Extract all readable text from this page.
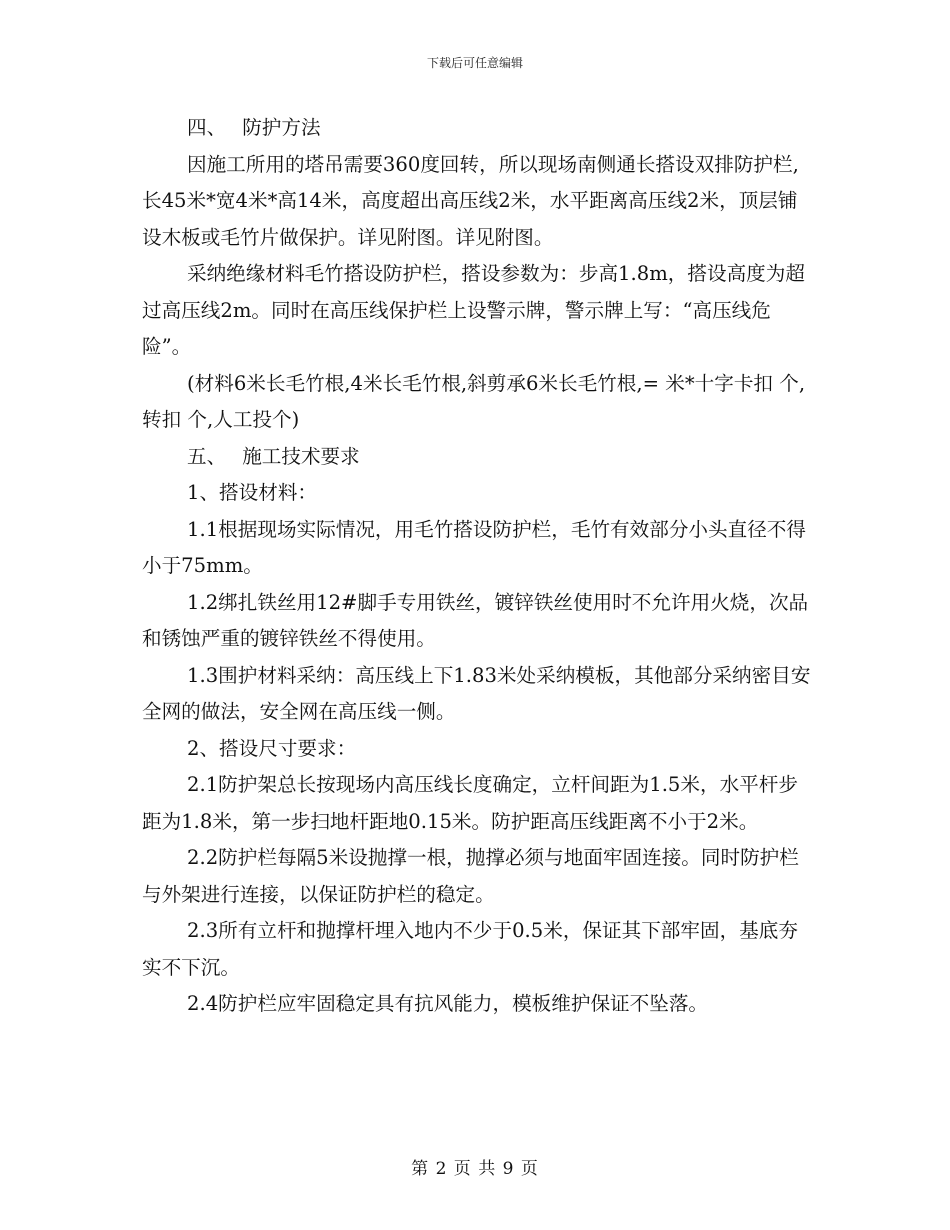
下载后可任意编辑

四、 防护方法

因施工所用的塔吊需要360度回转，所以现场南侧通长搭设双排防护栏,长45米*宽4米*高14米，高度超出高压线2米，水平距离高压线2米，顶层铺设木板或毛竹片做保护。详见附图。详见附图。

采纳绝缘材料毛竹搭设防护栏，搭设参数为：步高1.8m，搭设高度为超过高压线2m。同时在高压线保护栏上设警示牌，警示牌上写：“高压线危险”。

(材料6米长毛竹根,4米长毛竹根,斜剪承6米长毛竹根,= 米*十字卡扣 个,转扣 个,人工投个)

五、 施工技术要求

1、搭设材料：

1.1根据现场实际情况，用毛竹搭设防护栏，毛竹有效部分小头直径不得小于75mm。

1.2绑扎铁丝用12#脚手专用铁丝，镀锌铁丝使用时不允许用火烧，次品和锈蚀严重的镀锌铁丝不得使用。

1.3围护材料采纳：高压线上下1.83米处采纳模板，其他部分采纳密目安全网的做法，安全网在高压线一侧。

2、搭设尺寸要求：

2.1防护架总长按现场内高压线长度确定，立杆间距为1.5米，水平杆步距为1.8米，第一步扫地杆距地0.15米。防护距高压线距离不小于2米。

2.2防护栏每隔5米设抛撑一根，抛撑必须与地面牢固连接。同时防护栏与外架进行连接，以保证防护栏的稳定。

2.3所有立杆和抛撑杆埋入地内不少于0.5米，保证其下部牢固，基底夯实不下沉。

2.4防护栏应牢固稳定具有抗风能力，模板维护保证不坠落。

第 2 页 共 9 页
